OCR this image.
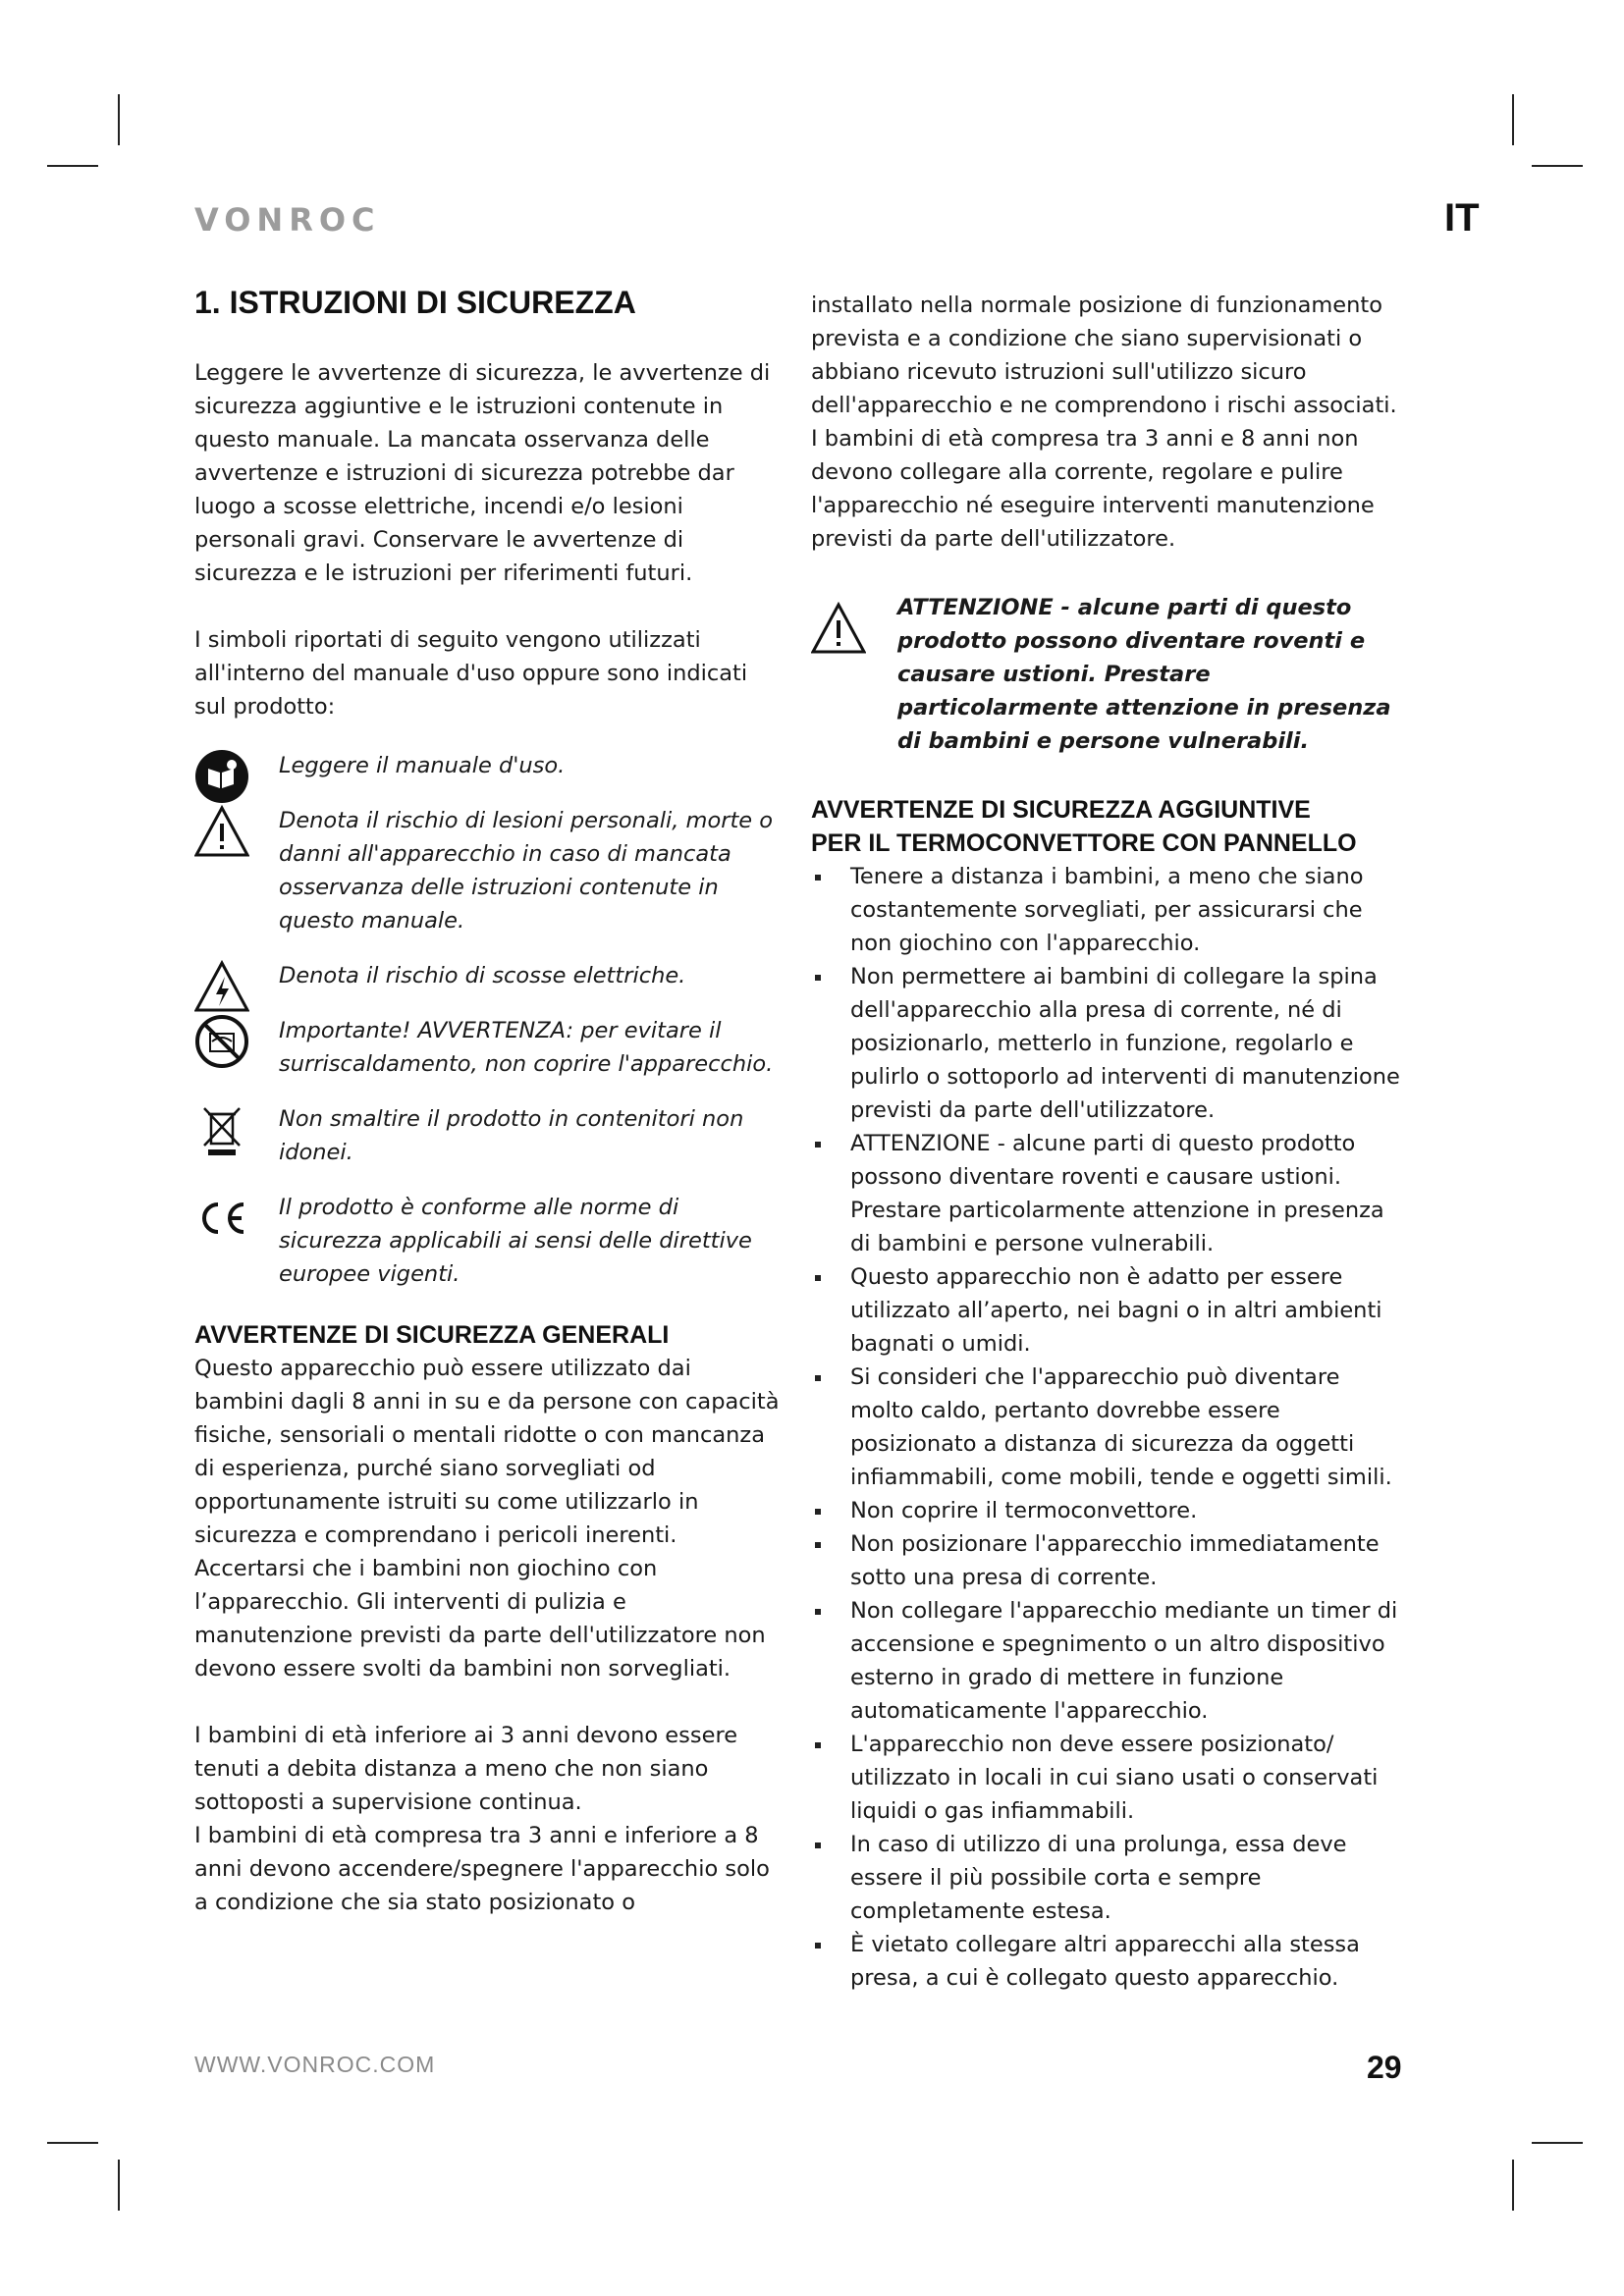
VONROC	IT
1. ISTRUZIONI DI SICUREZZA

Leggere le avvertenze di sicurezza, le avvertenze di sicurezza aggiuntive e le istruzioni contenute in questo manuale. La mancata osservanza delle avvertenze e istruzioni di sicurezza potrebbe dar luogo a scosse elettriche, incendi e/o lesioni personali gravi. Conservare le avvertenze di sicurezza e le istruzioni per riferimenti futuri.

I simboli riportati di seguito vengono utilizzati all'interno del manuale d'uso oppure sono indicati sul prodotto:

Leggere il manuale d'uso.

Denota il rischio di lesioni personali, morte o danni all'apparecchio in caso di mancata osservanza delle istruzioni contenute in questo manuale.

Denota il rischio di scosse elettriche.

Importante! AVVERTENZA: per evitare il surriscaldamento, non coprire l'apparecchio.

Non smaltire il prodotto in contenitori non idonei.

Il prodotto è conforme alle norme di sicurezza applicabili ai sensi delle direttive europee vigenti.

AVVERTENZE DI SICUREZZA GENERALI

Questo apparecchio può essere utilizzato dai bambini dagli 8 anni in su e da persone con capacità fisiche, sensoriali o mentali ridotte o con mancanza di esperienza, purché siano sorvegliati od opportunamente istruiti su come utilizzarlo in sicurezza e comprendano i pericoli inerenti. Accertarsi che i bambini non giochino con l’apparecchio. Gli interventi di pulizia e manutenzione previsti da parte dell'utilizzatore non devono essere svolti da bambini non sorvegliati.

I bambini di età inferiore ai 3 anni devono essere tenuti a debita distanza a meno che non siano sottoposti a supervisione continua.

I bambini di età compresa tra 3 anni e inferiore a 8 anni devono accendere/spegnere l'apparecchio solo a condizione che sia stato posizionato o

installato nella normale posizione di funzionamento prevista e a condizione che siano supervisionati o abbiano ricevuto istruzioni sull'utilizzo sicuro dell'apparecchio e ne comprendono i rischi associati.

I bambini di età compresa tra 3 anni e 8 anni non devono collegare alla corrente, regolare e pulire l'apparecchio né eseguire interventi manutenzione previsti da parte dell'utilizzatore.

ATTENZIONE - alcune parti di questo prodotto possono diventare roventi e causare ustioni. Prestare particolarmente attenzione in presenza di bambini e persone vulnerabili.

AVVERTENZE DI SICUREZZA AGGIUNTIVE
PER IL TERMOCONVETTORE CON PANNELLO
Tenere a distanza i bambini, a meno che siano costantemente sorvegliati, per assicurarsi che non giochino con l'apparecchio.
Non permettere ai bambini di collegare la spina dell'apparecchio alla presa di corrente, né di posizionarlo, metterlo in funzione, regolarlo e pulirlo o sottoporlo ad interventi di manutenzione previsti da parte dell'utilizzatore.
ATTENZIONE - alcune parti di questo prodotto possono diventare roventi e causare ustioni. Prestare particolarmente attenzione in presenza di bambini e persone vulnerabili.
Questo apparecchio non è adatto per essere utilizzato all’aperto, nei bagni o in altri ambienti bagnati o umidi.
Si consideri che l'apparecchio può diventare molto caldo, pertanto dovrebbe essere posizionato a distanza di sicurezza da oggetti infiammabili, come mobili, tende e oggetti simili.
Non coprire il termoconvettore.
Non posizionare l'apparecchio immediatamente sotto una presa di corrente.
Non collegare l'apparecchio mediante un timer di accensione e spegnimento o un altro dispositivo esterno in grado di mettere in funzione automaticamente l'apparecchio.
L'apparecchio non deve essere posizionato/ utilizzato in locali in cui siano usati o conservati liquidi o gas infiammabili.
In caso di utilizzo di una prolunga, essa deve essere il più possibile corta e sempre completamente estesa.
È vietato collegare altri apparecchi alla stessa presa, a cui è collegato questo apparecchio.
WWW.VONROC.COM	29
